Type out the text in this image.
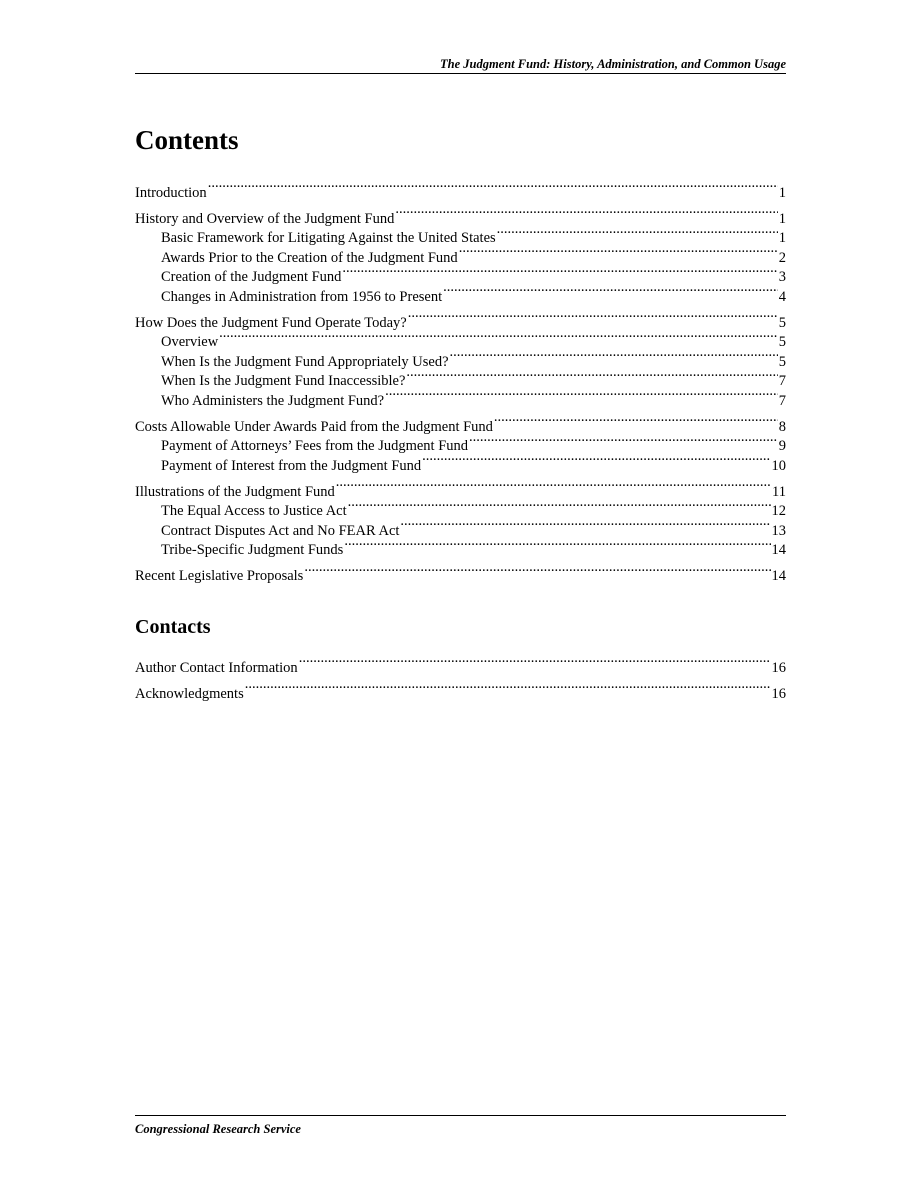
The Judgment Fund: History, Administration, and Common Usage
Contents
Introduction .....	1
History and Overview of the Judgment Fund .....	1
Basic Framework for Litigating Against the United States .....	1
Awards Prior to the Creation of the Judgment Fund .....	2
Creation of the Judgment Fund .....	3
Changes in Administration from 1956 to Present .....	4
How Does the Judgment Fund Operate Today? .....	5
Overview .....	5
When Is the Judgment Fund Appropriately Used? .....	5
When Is the Judgment Fund Inaccessible? .....	7
Who Administers the Judgment Fund? .....	7
Costs Allowable Under Awards Paid from the Judgment Fund .....	8
Payment of Attorneys’ Fees from the Judgment Fund .....	9
Payment of Interest from the Judgment Fund .....	10
Illustrations of the Judgment Fund .....	11
The Equal Access to Justice Act .....	12
Contract Disputes Act and No FEAR Act .....	13
Tribe-Specific Judgment Funds .....	14
Recent Legislative Proposals .....	14
Contacts
Author Contact Information .....	16
Acknowledgments .....	16
Congressional Research Service
